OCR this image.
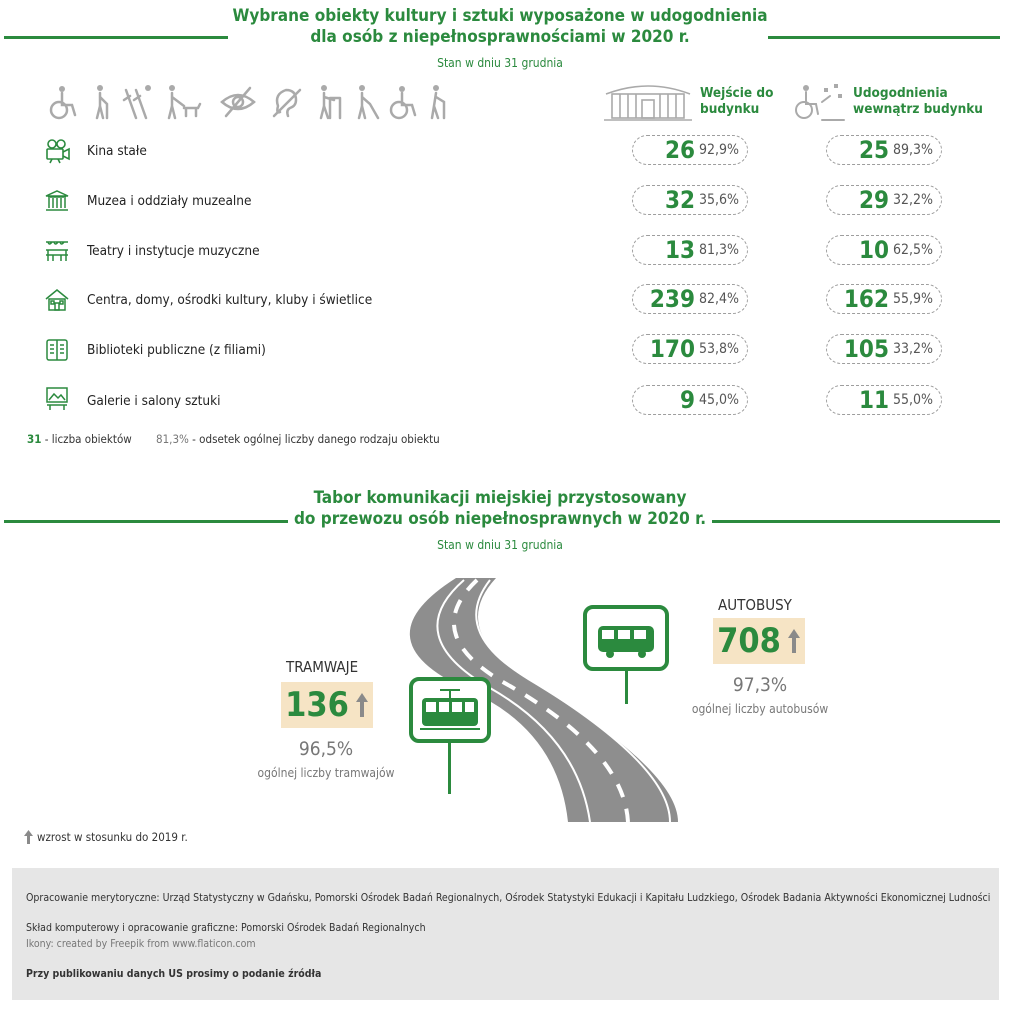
Wybrane obiekty kultury i sztuki wyposażone w udogodnienia
dla osób z niepełnosprawnościami w 2020 r.
Stan w dniu 31 grudnia
Wejście do
budynku
Udogodnienia
wewnątrz budynku
Kina stałe	26 92,9%	25 89,3%
Muzea i oddziały muzealne	32 35,6%	29 32,2%
Teatry i instytucje muzyczne	13 81,3%	10 62,5%
Centra, domy, ośrodki kultury, kluby i świetlice	239 82,4%	162 55,9%
Biblioteki publiczne (z filiami)	170 53,8%	105 33,2%
Galerie i salony sztuki	9 45,0%	11 55,0%
31 - liczba obiektów 81,3% - odsetek ogólnej liczby danego rodzaju obiektu
Tabor komunikacji miejskiej przystosowany
do przewozu osób niepełnosprawnych w 2020 r.
Stan w dniu 31 grudnia
TRAMWAJE
136
96,5%
ogólnej liczby tramwajów
AUTOBUSY
708
97,3%
ogólnej liczby autobusów
wzrost w stosunku do 2019 r.
Opracowanie merytoryczne: Urząd Statystyczny w Gdańsku, Pomorski Ośrodek Badań Regionalnych, Ośrodek Statystyki Edukacji i Kapitału Ludzkiego, Ośrodek Badania Aktywności Ekonomicznej Ludności
Skład komputerowy i opracowanie graficzne: Pomorski Ośrodek Badań Regionalnych
Ikony: created by Freepik from www.flaticon.com
Przy publikowaniu danych US prosimy o podanie źródła
